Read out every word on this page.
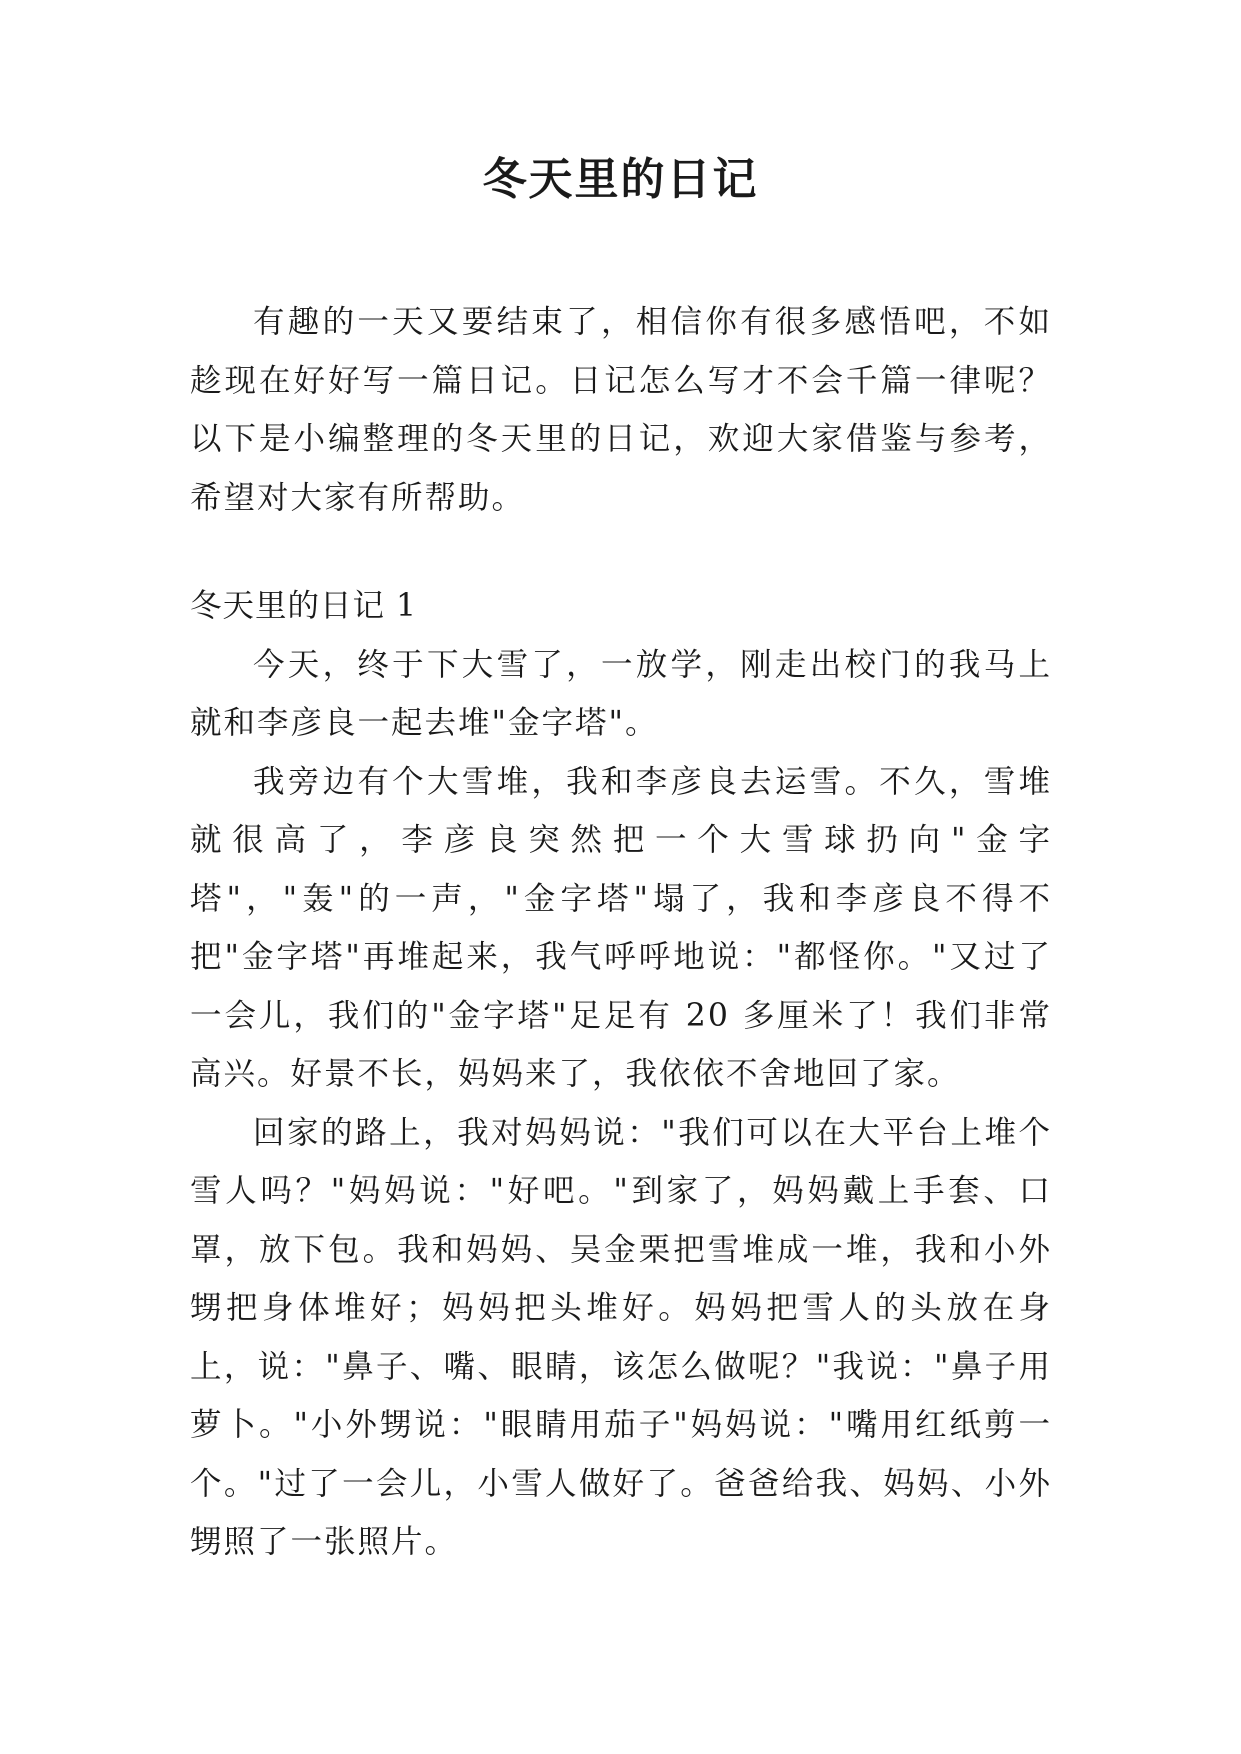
冬天里的日记

有趣的一天又要结束了，相信你有很多感悟吧，不如趁现在好好写一篇日记。日记怎么写才不会千篇一律呢？以下是小编整理的冬天里的日记，欢迎大家借鉴与参考，希望对大家有所帮助。

冬天里的日记 1

今天，终于下大雪了，一放学，刚走出校门的我马上就和李彦良一起去堆"金字塔"。

我旁边有个大雪堆，我和李彦良去运雪。不久，雪堆就很高了，李彦良突然把一个大雪球扔向"金字塔"，"轰"的一声，"金字塔"塌了，我和李彦良不得不把"金字塔"再堆起来，我气呼呼地说："都怪你。"又过了一会儿，我们的"金字塔"足足有 20 多厘米了！我们非常高兴。好景不长，妈妈来了，我依依不舍地回了家。

回家的路上，我对妈妈说："我们可以在大平台上堆个雪人吗？"妈妈说："好吧。"到家了，妈妈戴上手套、口罩，放下包。我和妈妈、吴金栗把雪堆成一堆，我和小外甥把身体堆好；妈妈把头堆好。妈妈把雪人的头放在身上，说："鼻子、嘴、眼睛，该怎么做呢？"我说："鼻子用萝卜。"小外甥说："眼睛用茄子"妈妈说："嘴用红纸剪一个。"过了一会儿，小雪人做好了。爸爸给我、妈妈、小外甥照了一张照片。
